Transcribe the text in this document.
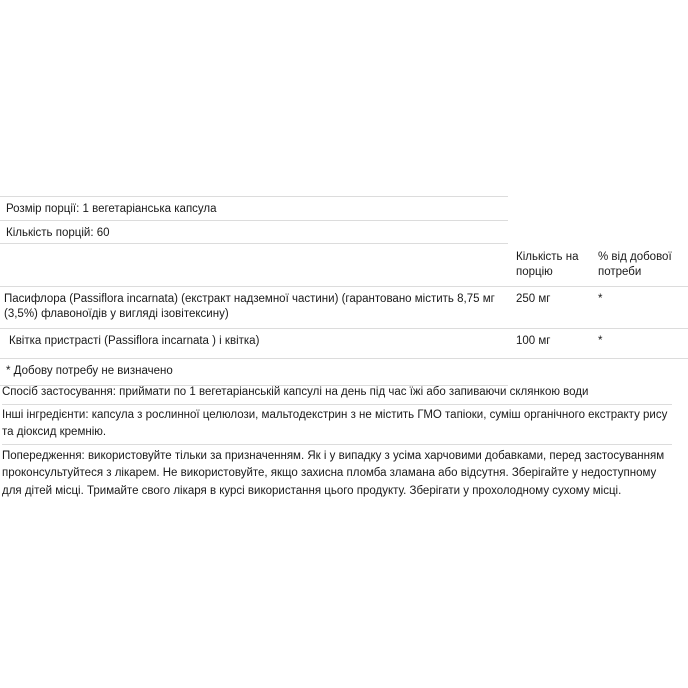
Розмір порції: 1 вегетаріанська капсула
Кількість порцій: 60
	Кількість на порцію	% від добової потреби
Пасифлора (Passiflora incarnata) (екстракт надземної частини) (гарантовано містить 8,75 мг (3,5%) флавоноїдів у вигляді ізовітексину)	250 мг	*
Квітка пристрасті (Passiflora incarnata ) і квітка)	100 мг	*
* Добову потребу не визначено
Спосіб застосування: приймати по 1 вегетаріанській капсулі на день під час їжі або запиваючи склянкою води
Інші інгредієнти: капсула з рослинної целюлози, мальтодекстрин з не містить ГМО тапіоки, суміш органічного екстракту рису та діоксид кремнію.
Попередження: використовуйте тільки за призначенням. Як і у випадку з усіма харчовими добавками, перед застосуванням проконсультуйтеся з лікарем. Не використовуйте, якщо захисна пломба зламана або відсутня. Зберігайте у недоступному для дітей місці. Тримайте свого лікаря в курсі використання цього продукту. Зберігати у прохолодному сухому місці.
